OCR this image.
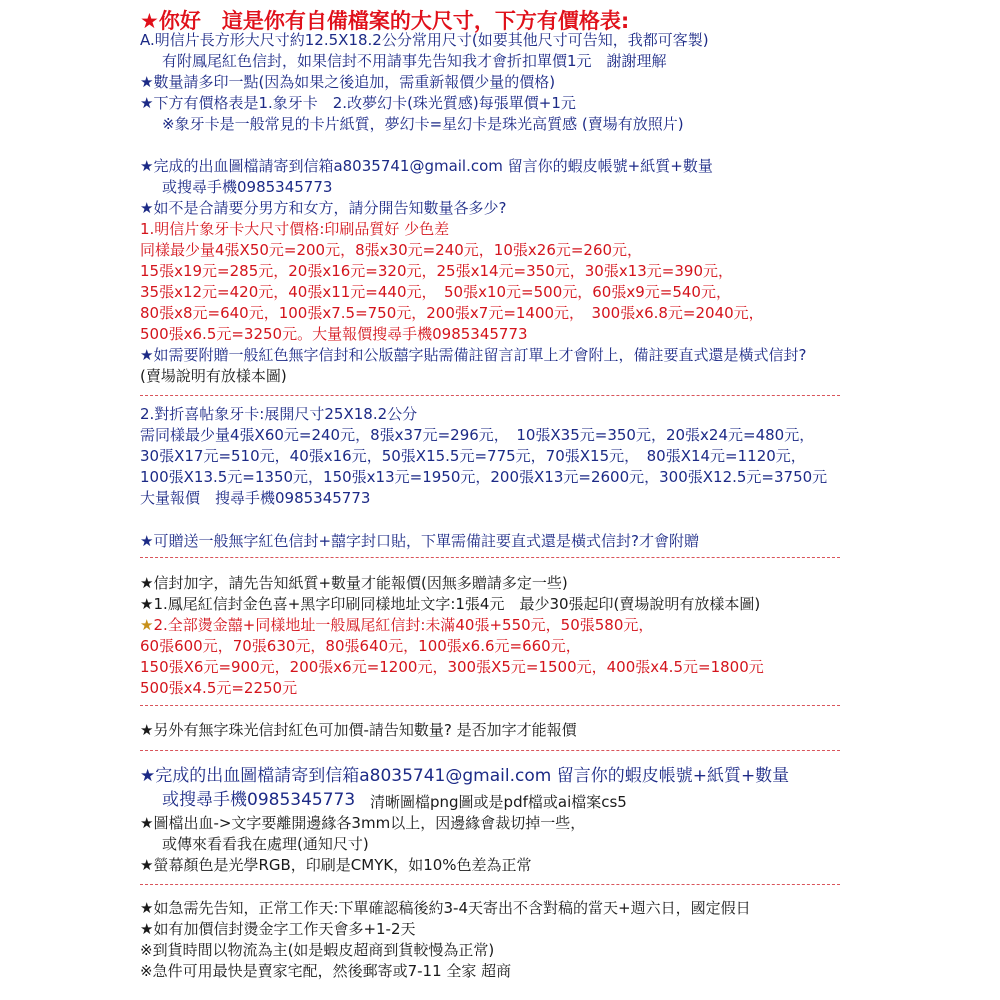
★你好　這是你有自備檔案的大尺寸，下方有價格表:
A.明信片長方形大尺寸約12.5X18.2公分常用尺寸(如要其他尺寸可告知，我都可客製)
有附鳳尾紅色信封，如果信封不用請事先告知我才會折扣單價1元　謝謝理解
★數量請多印一點(因為如果之後追加，需重新報價少量的價格)
★下方有價格表是1.象牙卡　2.改夢幻卡(珠光質感)每張單價+1元
※象牙卡是一般常見的卡片紙質，夢幻卡=星幻卡是珠光高質感 (賣場有放照片)
★完成的出血圖檔請寄到信箱a8035741@gmail.com 留言你的蝦皮帳號+紙質+數量
或搜尋手機0985345773
★如不是合請要分男方和女方，請分開告知數量各多少?
1.明信片象牙卡大尺寸價格:印刷品質好 少色差
同樣最少量4張X50元=200元，8張x30元=240元，10張x26元=260元，
15張x19元=285元，20張x16元=320元，25張x14元=350元，30張x13元=390元，
35張x12元=420元，40張x11元=440元，　50張x10元=500元，60張x9元=540元，
80張x8元=640元，100張x7.5=750元，200張x7元=1400元，　300張x6.8元=2040元，
500張x6.5元=3250元。大量報價搜尋手機0985345773
★如需要附贈一般紅色無字信封和公版囍字貼需備註留言訂單上才會附上，備註要直式還是橫式信封?
(賣場說明有放樣本圖)
2.對折喜帖象牙卡:展開尺寸25X18.2公分
需同樣最少量4張X60元=240元，8張x37元=296元，　10張X35元=350元，20張x24元=480元，
30張X17元=510元，40張x16元，50張X15.5元=775元，70張X15元，　80張X14元=1120元，
100張X13.5元=1350元，150張x13元=1950元，200張X13元=2600元，300張X12.5元=3750元
大量報價　搜尋手機0985345773
★可贈送一般無字紅色信封+囍字封口貼，下單需備註要直式還是橫式信封?才會附贈
★信封加字，請先告知紙質+數量才能報價(因無多贈請多定一些)
★1.鳳尾紅信封金色喜+黑字印刷同樣地址文字:1張4元　最少30張起印(賣場說明有放樣本圖)
★2.全部燙金囍+同樣地址一般鳳尾紅信封:未滿40張+550元，50張580元，
60張600元，70張630元，80張640元，100張x6.6元=660元，
150張X6元=900元，200張x6元=1200元，300張X5元=1500元，400張x4.5元=1800元
500張x4.5元=2250元
★另外有無字珠光信封紅色可加價-請告知數量? 是否加字才能報價
★完成的出血圖檔請寄到信箱a8035741@gmail.com 留言你的蝦皮帳號+紙質+數量
或搜尋手機0985345773 清晰圖檔png圖或是pdf檔或ai檔案cs5
★圖檔出血->文字要離開邊緣各3mm以上，因邊緣會裁切掉一些，
或傳來看看我在處理(通知尺寸)
★螢幕顏色是光學RGB，印刷是CMYK，如10%色差為正常
★如急需先告知，正常工作天:下單確認稿後約3-4天寄出不含對稿的當天+週六日，國定假日
★如有加價信封燙金字工作天會多+1-2天
※到貨時間以物流為主(如是蝦皮超商到貨較慢為正常)
※急件可用最快是賣家宅配，然後郵寄或7-11 全家 超商
